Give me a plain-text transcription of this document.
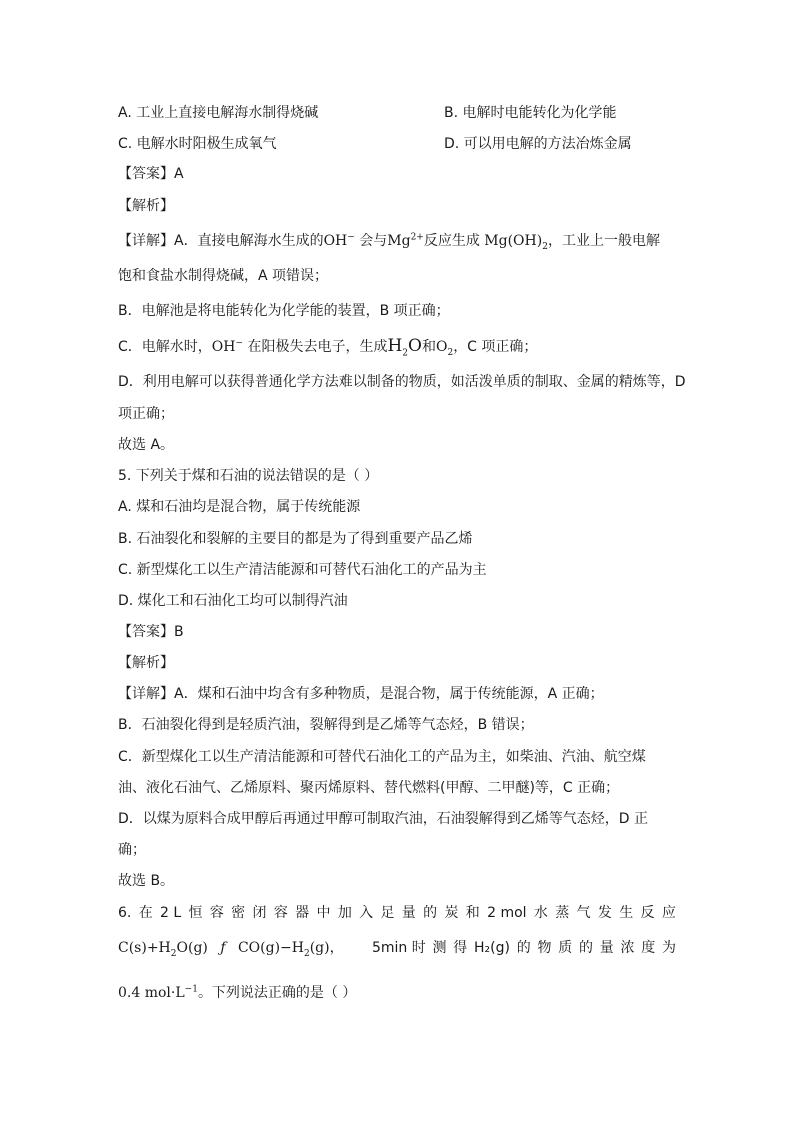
A. 工业上直接电解海水制得烧碱	B. 电解时电能转化为化学能
C. 电解水时阳极生成氧气	D. 可以用电解的方法冶炼金属
【答案】A
【解析】
【详解】A．直接电解海水生成的OH− 会与$Mg^{2+}$反应生成 $Mg(OH)_2$，工业上一般电解
饱和食盐水制得烧碱，A 项错误；
B．电解池是将电能转化为化学能的装置，B 项正确；
C．电解水时，OH− 在阳极失去电子，生成$H_2O$和$O_2$，C 项正确；
D．利用电解可以获得普通化学方法难以制备的物质，如活泼单质的制取、金属的精炼等，D
项正确；
故选 A。
5. 下列关于煤和石油的说法错误的是（ ）
A. 煤和石油均是混合物，属于传统能源
B. 石油裂化和裂解的主要目的都是为了得到重要产品乙烯
C. 新型煤化工以生产清洁能源和可替代石油化工的产品为主
D. 煤化工和石油化工均可以制得汽油
【答案】B
【解析】
【详解】A．煤和石油中均含有多种物质，是混合物，属于传统能源，A 正确；
B．石油裂化得到是轻质汽油，裂解得到是乙烯等气态烃，B 错误；
C．新型煤化工以生产清洁能源和可替代石油化工的产品为主，如柴油、汽油、航空煤
油、液化石油气、乙烯原料、聚丙烯原料、替代燃料(甲醇、二甲醚)等，C 正确；
D．以煤为原料合成甲醇后再通过甲醇可制取汽油，石油裂解得到乙烯等气态烃，D 正
确；
故选 B。
6. 在 2 L 恒 容 密 闭 容 器 中 加 入 足 量 的 炭 和 2 mol 水 蒸 气 发 生 反 应
$C(s)+H_2O(g)$ ƒ $CO(g)-H_2(g)$， 5min 时 测 得 H₂(g) 的 物 质 的 量 浓 度 为
0.4 $mol\cdot L^{-1}$。下列说法正确的是（ ）
